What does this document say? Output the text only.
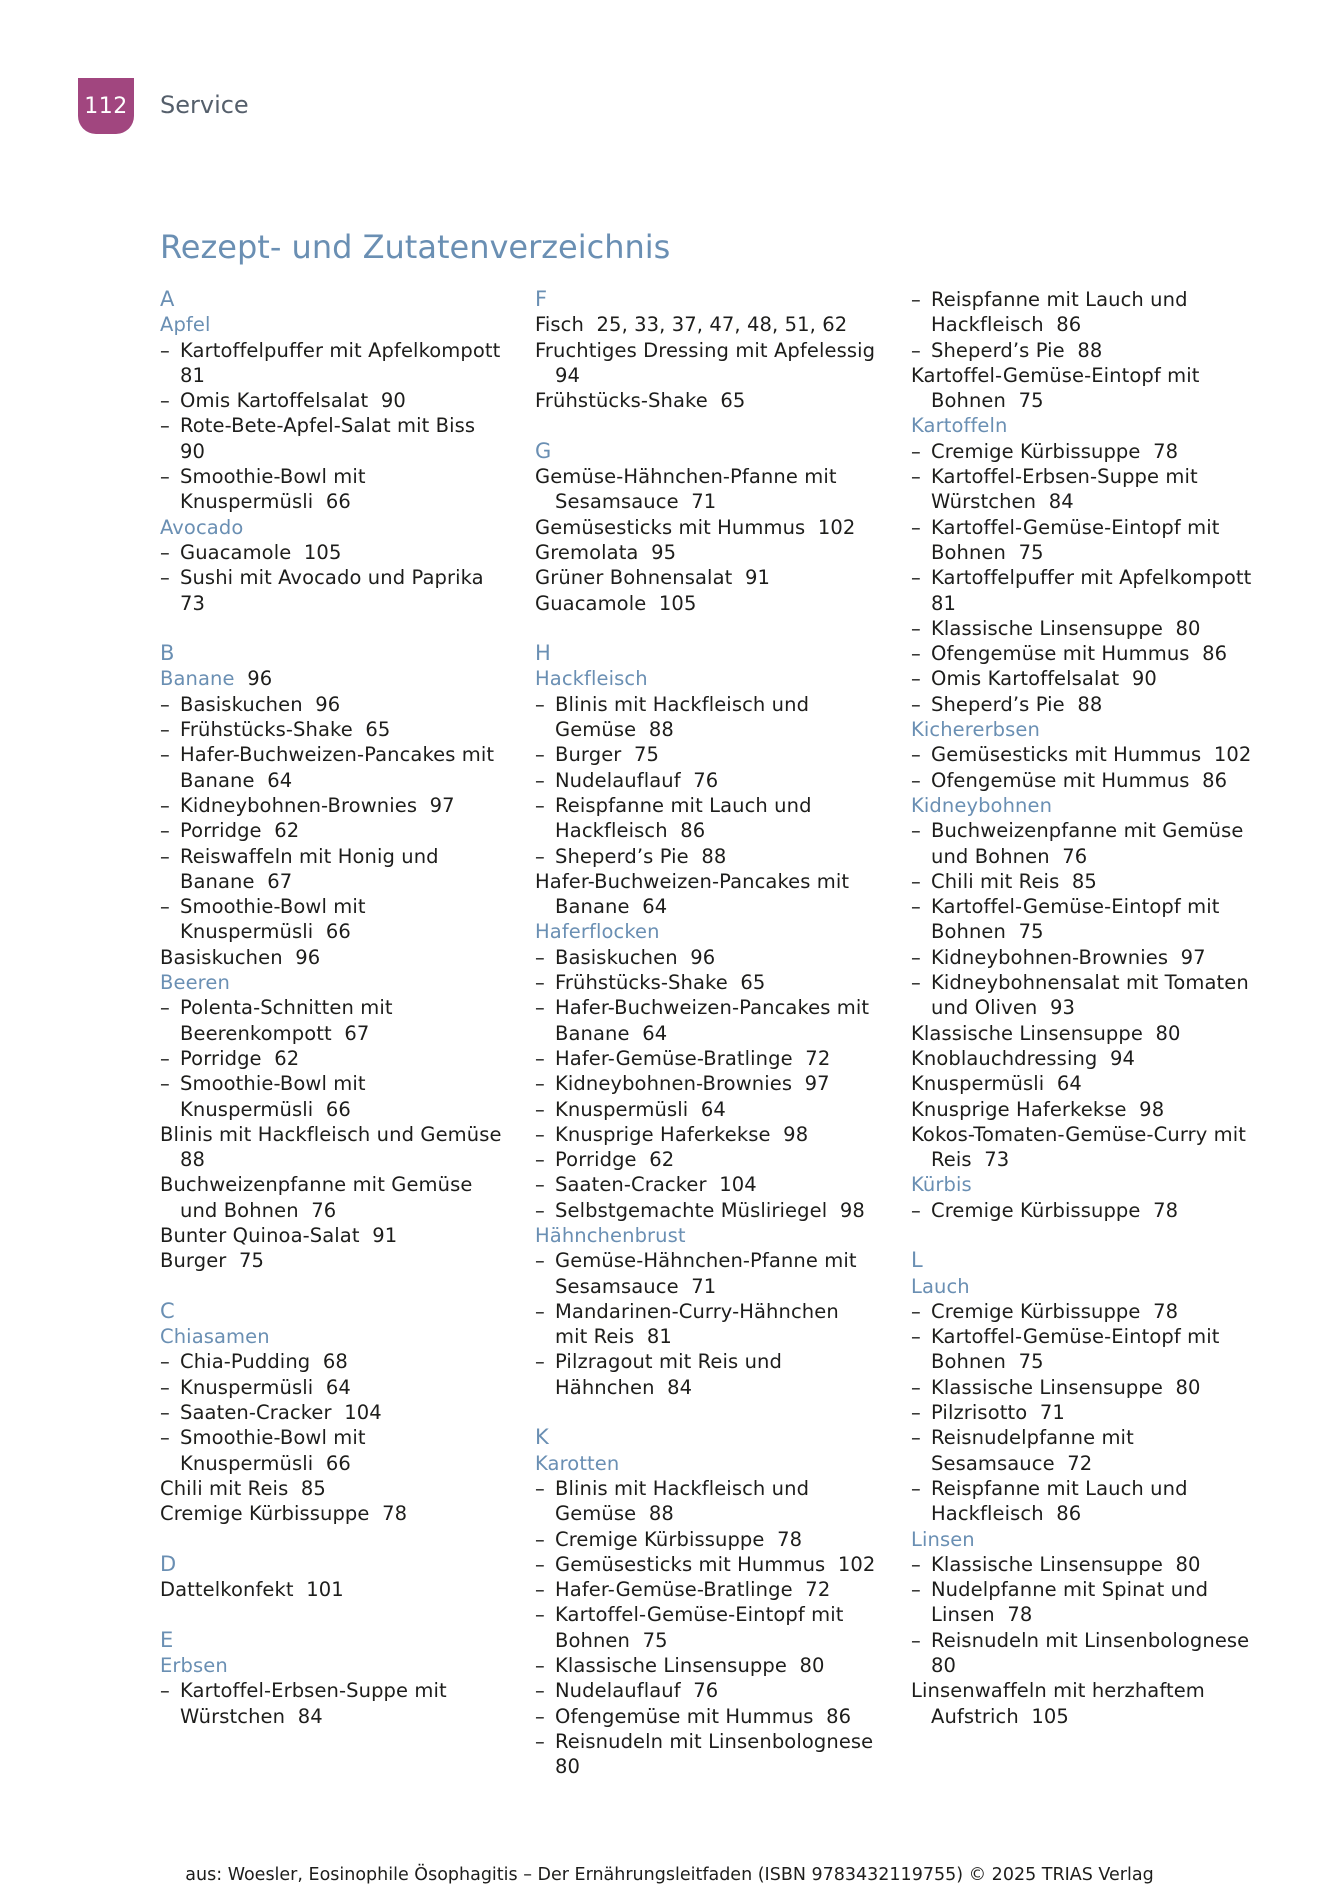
112 Service
Rezept- und Zutatenverzeichnis
A
Apfel
– Kartoffelpuffer mit Apfelkompott
81
– Omis Kartoffelsalat  90
– Rote-Bete-Apfel-Salat mit Biss
90
– Smoothie-Bowl mit
Knuspermüsli  66
Avocado
– Guacamole  105
– Sushi mit Avocado und Paprika
73
B
Banane  96
– Basiskuchen  96
– Frühstücks-Shake  65
– Hafer-Buchweizen-Pancakes mit
Banane  64
– Kidneybohnen-Brownies  97
– Porridge  62
– Reiswaffeln mit Honig und
Banane  67
– Smoothie-Bowl mit
Knuspermüsli  66
Basiskuchen  96
Beeren
– Polenta-Schnitten mit
Beerenkompott  67
– Porridge  62
– Smoothie-Bowl mit
Knuspermüsli  66
Blinis mit Hackfleisch und Gemüse
88
Buchweizenpfanne mit Gemüse
und Bohnen  76
Bunter Quinoa-Salat  91
Burger  75
C
Chiasamen
– Chia-Pudding  68
– Knuspermüsli  64
– Saaten-Cracker  104
– Smoothie-Bowl mit
Knuspermüsli  66
Chili mit Reis  85
Cremige Kürbissuppe  78
D
Dattelkonfekt  101
E
Erbsen
– Kartoffel-Erbsen-Suppe mit
Würstchen  84
F
Fisch  25, 33, 37, 47, 48, 51, 62
Fruchtiges Dressing mit Apfelessig
94
Frühstücks-Shake  65
G
Gemüse-Hähnchen-Pfanne mit
Sesamsauce  71
Gemüsesticks mit Hummus  102
Gremolata  95
Grüner Bohnensalat  91
Guacamole  105
H
Hackfleisch
– Blinis mit Hackfleisch und
Gemüse  88
– Burger  75
– Nudelauflauf  76
– Reispfanne mit Lauch und
Hackfleisch  86
– Sheperd’s Pie  88
Hafer-Buchweizen-Pancakes mit
Banane  64
Haferflocken
– Basiskuchen  96
– Frühstücks-Shake  65
– Hafer-Buchweizen-Pancakes mit
Banane  64
– Hafer-Gemüse-Bratlinge  72
– Kidneybohnen-Brownies  97
– Knuspermüsli  64
– Knusprige Haferkekse  98
– Porridge  62
– Saaten-Cracker  104
– Selbstgemachte Müsliriegel  98
Hähnchenbrust
– Gemüse-Hähnchen-Pfanne mit
Sesamsauce  71
– Mandarinen-Curry-Hähnchen
mit Reis  81
– Pilzragout mit Reis und
Hähnchen  84
K
Karotten
– Blinis mit Hackfleisch und
Gemüse  88
– Cremige Kürbissuppe  78
– Gemüsesticks mit Hummus  102
– Hafer-Gemüse-Bratlinge  72
– Kartoffel-Gemüse-Eintopf mit
Bohnen  75
– Klassische Linsensuppe  80
– Nudelauflauf  76
– Ofengemüse mit Hummus  86
– Reisnudeln mit Linsenbolognese
80
– Reispfanne mit Lauch und
Hackfleisch  86
– Sheperd’s Pie  88
Kartoffel-Gemüse-Eintopf mit
Bohnen  75
Kartoffeln
– Cremige Kürbissuppe  78
– Kartoffel-Erbsen-Suppe mit
Würstchen  84
– Kartoffel-Gemüse-Eintopf mit
Bohnen  75
– Kartoffelpuffer mit Apfelkompott
81
– Klassische Linsensuppe  80
– Ofengemüse mit Hummus  86
– Omis Kartoffelsalat  90
– Sheperd’s Pie  88
Kichererbsen
– Gemüsesticks mit Hummus  102
– Ofengemüse mit Hummus  86
Kidneybohnen
– Buchweizenpfanne mit Gemüse
und Bohnen  76
– Chili mit Reis  85
– Kartoffel-Gemüse-Eintopf mit
Bohnen  75
– Kidneybohnen-Brownies  97
– Kidneybohnensalat mit Tomaten
und Oliven  93
Klassische Linsensuppe  80
Knoblauchdressing  94
Knuspermüsli  64
Knusprige Haferkekse  98
Kokos-Tomaten-Gemüse-Curry mit
Reis  73
Kürbis
– Cremige Kürbissuppe  78
L
Lauch
– Cremige Kürbissuppe  78
– Kartoffel-Gemüse-Eintopf mit
Bohnen  75
– Klassische Linsensuppe  80
– Pilzrisotto  71
– Reisnudelpfanne mit
Sesamsauce  72
– Reispfanne mit Lauch und
Hackfleisch  86
Linsen
– Klassische Linsensuppe  80
– Nudelpfanne mit Spinat und
Linsen  78
– Reisnudeln mit Linsenbolognese
80
Linsenwaffeln mit herzhaftem
Aufstrich  105
aus: Woesler, Eosinophile Ösophagitis – Der Ernährungsleitfaden (ISBN 9783432119755) © 2025 TRIAS Verlag
